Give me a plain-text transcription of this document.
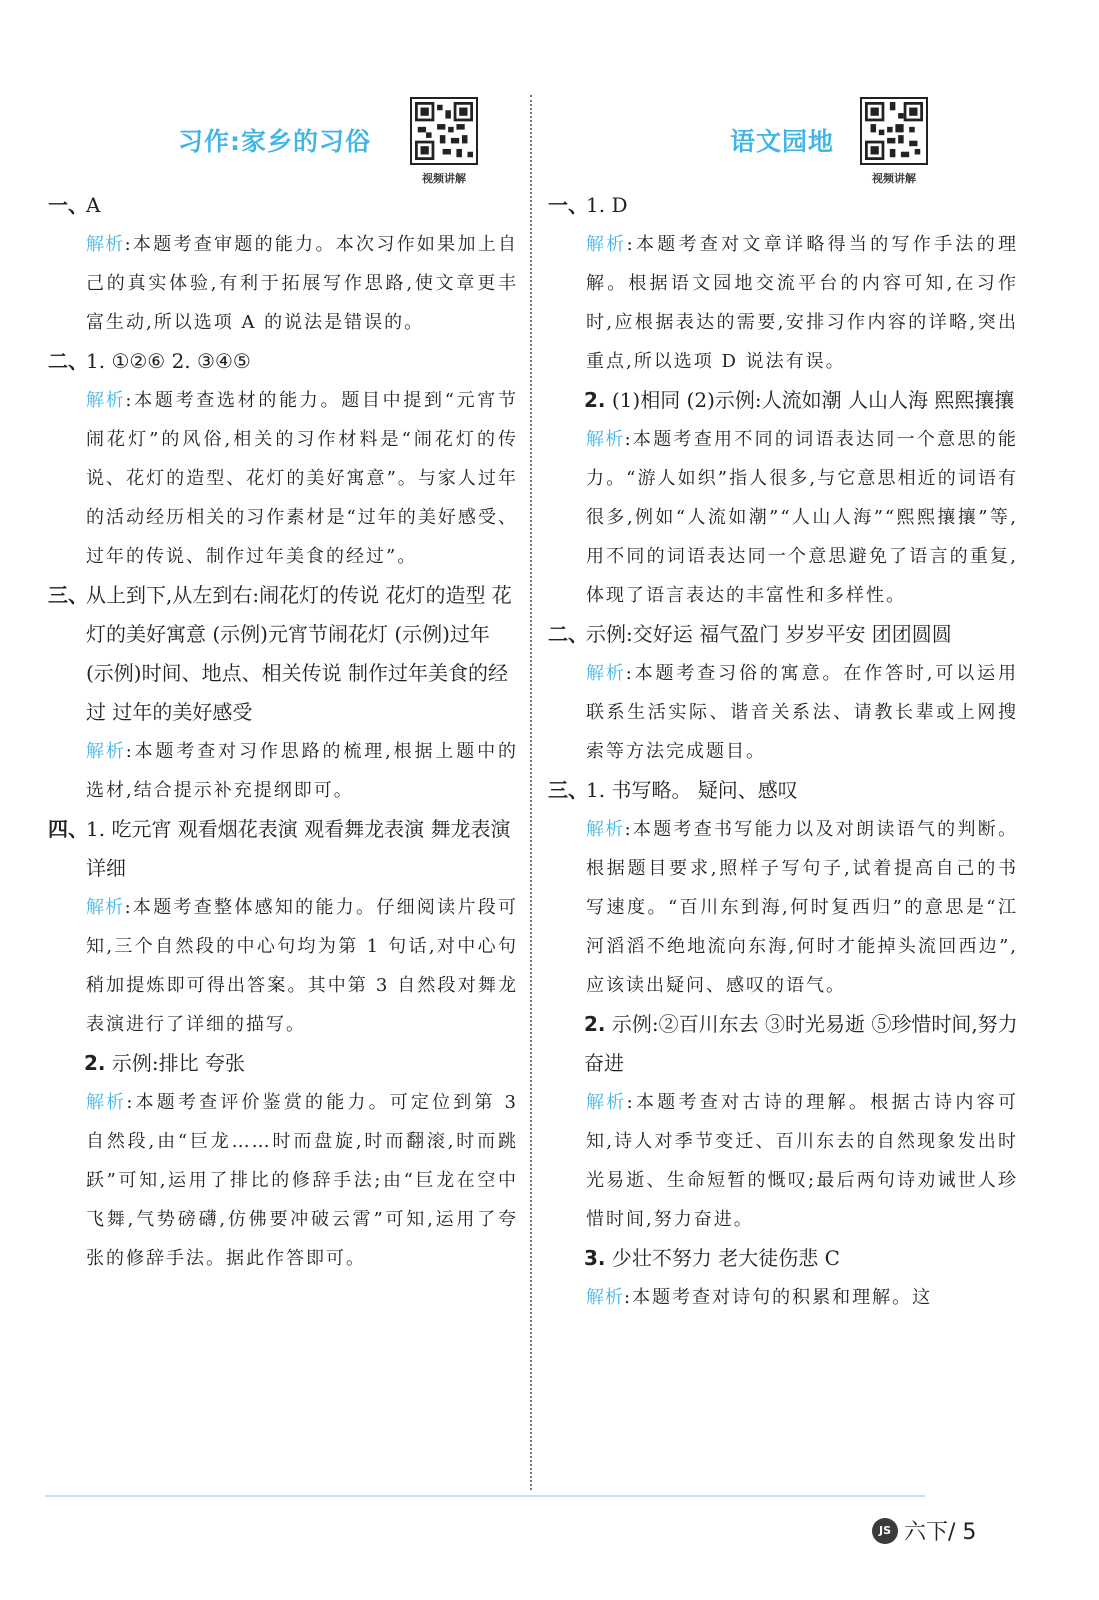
习作:家乡的习俗
视频讲解
一、
A
解析:本题考查审题的能力。本次习作如果加上自己的真实体验,有利于拓展写作思路,使文章更丰富生动,所以选项 A 的说法是错误的。
二、
1. ①②⑥ 2. ③④⑤
解析:本题考查选材的能力。题目中提到“元宵节闹花灯”的风俗,相关的习作材料是“闹花灯的传说、花灯的造型、花灯的美好寓意”。与家人过年的活动经历相关的习作素材是“过年的美好感受、过年的传说、制作过年美食的经过”。
三、
从上到下,从左到右:闹花灯的传说 花灯的造型 花灯的美好寓意 (示例)元宵节闹花灯 (示例)过年 (示例)时间、地点、相关传说 制作过年美食的经过 过年的美好感受
解析:本题考查对习作思路的梳理,根据上题中的选材,结合提示补充提纲即可。
四、
1. 吃元宵 观看烟花表演 观看舞龙表演 舞龙表演 详细
解析:本题考查整体感知的能力。仔细阅读片段可知,三个自然段的中心句均为第 1 句话,对中心句稍加提炼即可得出答案。其中第 3 自然段对舞龙表演进行了详细的描写。
2. 示例:排比 夸张
解析:本题考查评价鉴赏的能力。可定位到第 3 自然段,由“巨龙……时而盘旋,时而翻滚,时而跳跃”可知,运用了排比的修辞手法;由“巨龙在空中飞舞,气势磅礴,仿佛要冲破云霄”可知,运用了夸张的修辞手法。据此作答即可。
语文园地
视频讲解
一、
1. D
解析:本题考查对文章详略得当的写作手法的理解。根据语文园地交流平台的内容可知,在习作时,应根据表达的需要,安排习作内容的详略,突出重点,所以选项 D 说法有误。
2. (1)相同 (2)示例:人流如潮 人山人海 熙熙攘攘
解析:本题考查用不同的词语表达同一个意思的能力。“游人如织”指人很多,与它意思相近的词语有很多,例如“人流如潮”“人山人海”“熙熙攘攘”等,用不同的词语表达同一个意思避免了语言的重复,体现了语言表达的丰富性和多样性。
二、
示例:交好运 福气盈门 岁岁平安 团团圆圆
解析:本题考查习俗的寓意。在作答时,可以运用联系生活实际、谐音关系法、请教长辈或上网搜索等方法完成题目。
三、
1. 书写略。 疑问、感叹
解析:本题考查书写能力以及对朗读语气的判断。根据题目要求,照样子写句子,试着提高自己的书写速度。“百川东到海,何时复西归”的意思是“江河滔滔不绝地流向东海,何时才能掉头流回西边”,应该读出疑问、感叹的语气。
2. 示例:②百川东去 ③时光易逝 ⑤珍惜时间,努力奋进
解析:本题考查对古诗的理解。根据古诗内容可知,诗人对季节变迁、百川东去的自然现象发出时光易逝、生命短暂的慨叹;最后两句诗劝诫世人珍惜时间,努力奋进。
3. 少壮不努力 老大徒伤悲 C
解析:本题考查对诗句的积累和理解。这
JS 六下/ 5
